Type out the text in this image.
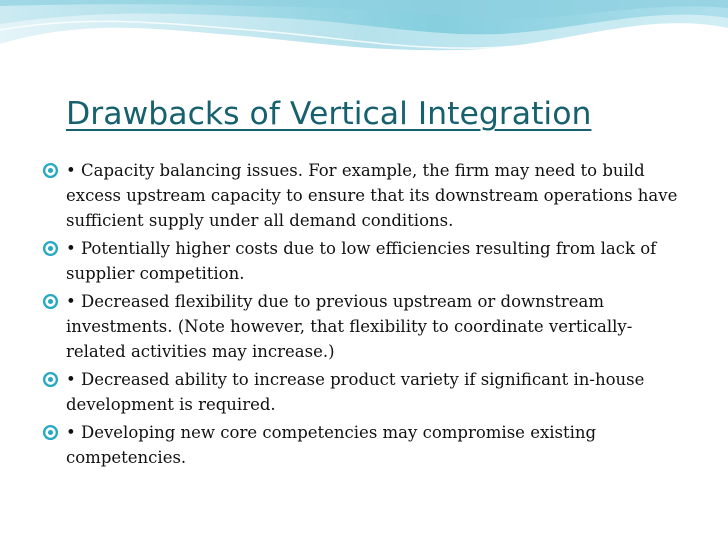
Drawbacks of Vertical Integration
• Capacity balancing issues. For example, the firm may need to build excess upstream capacity to ensure that its downstream operations have sufficient supply under all demand conditions.
• Potentially higher costs due to low efficiencies resulting from lack of supplier competition.
• Decreased flexibility due to previous upstream or downstream investments. (Note however, that flexibility to coordinate vertically-related activities may increase.)
• Decreased ability to increase product variety if significant in-house development is required.
• Developing new core competencies may compromise existing competencies.
